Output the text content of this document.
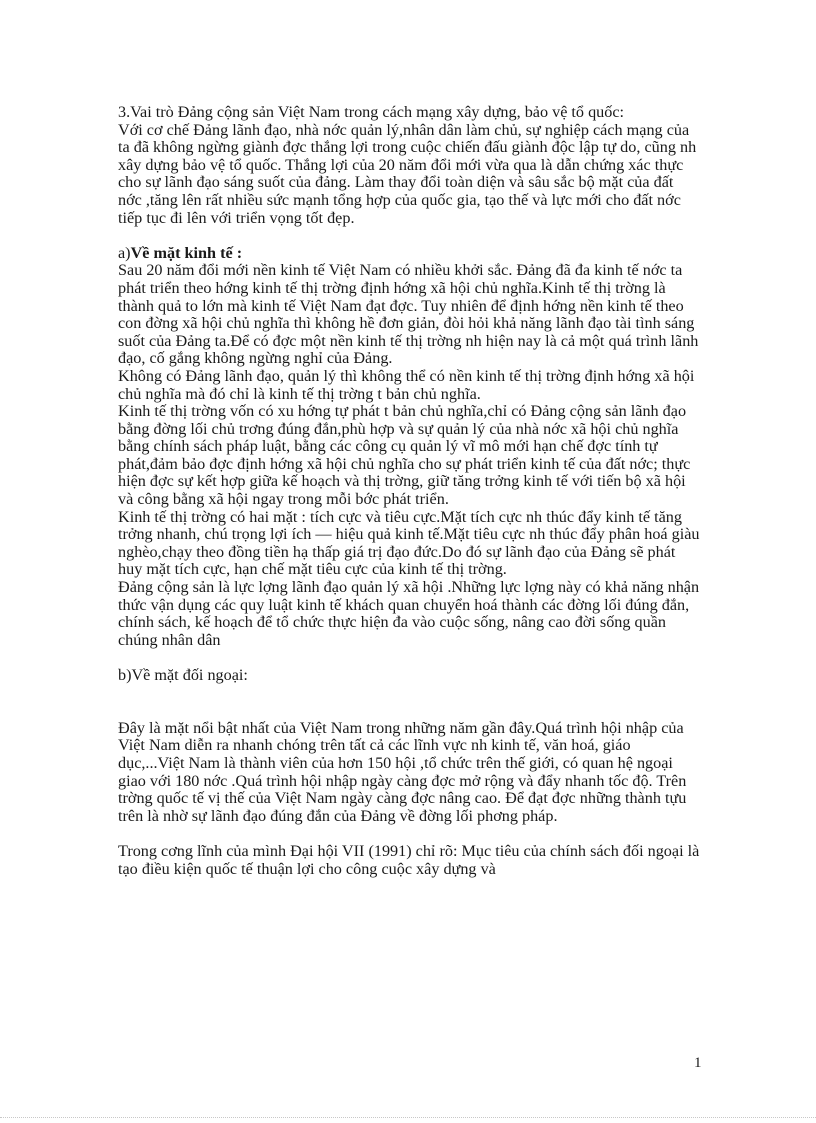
3.Vai trò Đảng cộng sản Việt Nam trong cách mạng xây dựng, bảo vệ tổ quốc:

Với cơ chế Đảng lãnh đạo, nhà nớc quản lý,nhân dân làm chủ, sự nghiệp cách mạng của ta đã không ngừng giành đợc thắng lợi trong cuộc chiến đấu giành độc lập tự do, cũng nh xây dựng bảo vệ tổ quốc. Thắng lợi của 20 năm đổi mới vừa qua là dẫn chứng xác thực cho sự lãnh đạo sáng suốt của đảng. Làm thay đổi toàn diện và sâu sắc bộ mặt của đất nớc ,tăng lên rất nhiều sức mạnh tổng hợp của quốc gia, tạo thế và lực mới cho đất nớc tiếp tục đi lên với triển vọng tốt đẹp.

a)Về mặt kinh tế :

Sau 20 năm đổi mới nền kinh tế Việt Nam có nhiều khởi sắc. Đảng đã đa kinh tế nớc ta phát triển theo hớng kinh tế thị trờng định hớng xã hội chủ nghĩa.Kinh tế thị trờng là thành quả to lớn mà kinh tế Việt Nam đạt đợc. Tuy nhiên để định hớng nền kinh tế theo con đờng xã hội chủ nghĩa thì không hề đơn giản, đòi hỏi khả năng lãnh đạo tài tình sáng suốt của Đảng ta.Để có đợc một nền kinh tế thị trờng nh hiện nay là cả một quá trình lãnh đạo, cố gắng không ngừng nghỉ của Đảng.

Không có Đảng lãnh đạo, quản lý thì không thể có nền kinh tế thị trờng định hớng xã hội chủ nghĩa mà đó chỉ là kinh tế thị trờng t bản chủ nghĩa.

Kinh tế thị trờng vốn có xu hớng tự phát t bản chủ nghĩa,chỉ có Đảng cộng sản lãnh đạo bằng đờng lối chủ trơng đúng đắn,phù hợp và sự quản lý của nhà nớc xã hội chủ nghĩa bằng chính sách pháp luật, bằng các công cụ quản lý vĩ mô mới hạn chế đợc tính tự phát,đảm bảo đợc định hớng xã hội chủ nghĩa cho sự phát triển kinh tế của đất nớc; thực hiện đợc sự kết hợp giữa kế hoạch và thị trờng, giữ tăng trởng kinh tế với tiến bộ xã hội và công bằng xã hội ngay trong mỗi bớc phát triển.

Kinh tế thị trờng có hai mặt : tích cực và tiêu cực.Mặt tích cực nh thúc đẩy kinh tế tăng trởng nhanh, chú trọng lợi ích — hiệu quả kinh tế.Mặt tiêu cực nh thúc đẩy phân hoá giàu nghèo,chạy theo đồng tiền hạ thấp giá trị đạo đức.Do đó sự lãnh đạo của Đảng sẽ phát huy mặt tích cực, hạn chế mặt tiêu cực của kinh tế thị trờng.

Đảng cộng sản là lực lợng lãnh đạo quản lý xã hội .Những lực lợng này có khả năng nhận thức vận dụng các quy luật kinh tế khách quan chuyển hoá thành các đờng lối đúng đắn, chính sách, kế hoạch để tổ chức thực hiện đa vào cuộc sống, nâng cao đời sống quần chúng nhân dân

b)Về mặt đối ngoại:

Đây là mặt nổi bật nhất của Việt Nam trong những năm gần đây.Quá trình hội nhập của Việt Nam diễn ra nhanh chóng trên tất cả các lĩnh vực nh kinh tế, văn hoá, giáo dục,...Việt Nam là thành viên của hơn 150 hội ,tổ chức trên thế giới, có quan hệ ngoại giao với 180 nớc .Quá trình hội nhập ngày càng đợc mở rộng và đẩy nhanh tốc độ. Trên trờng quốc tế vị thế của Việt Nam ngày càng đợc nâng cao. Để đạt đợc những thành tựu trên là nhờ sự lãnh đạo đúng đắn của Đảng về đờng lối phơng pháp.

Trong cơng lĩnh của mình Đại hội VII (1991) chỉ rõ: Mục tiêu của chính sách đối ngoại là tạo điều kiện quốc tế thuận lợi cho công cuộc xây dựng và

1
